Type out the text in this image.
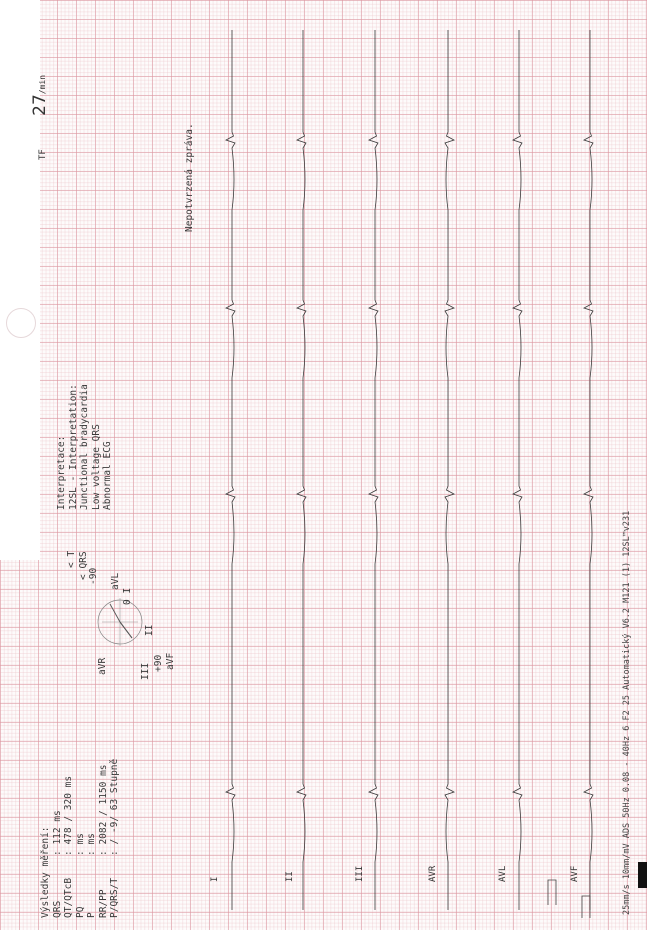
TF  27/min
Nepotvrzená zpráva.
Výsledky měření: QRS: 112 ms
QT/QTcB: 478 / 320 ms
PQ: ms
P: ms
RR/PP: 2082 / 1150 ms
P/QRS/T: / -9/ 63 Stupně
-90
aVR
aVL
0 I
III +90 aVF
II
< T < QRS
Interpretace: 12SL - Interpretation: Junctional bradycardia Low voltage QRS Abnormal ECG
25mm/s 10mm/mV ADS 50Hz 0.08 - 40Hz 6 F2 25 Automatický V6.2 M121 (1) 12SL™v231
I	II	III	AVR	AVL	AVF
